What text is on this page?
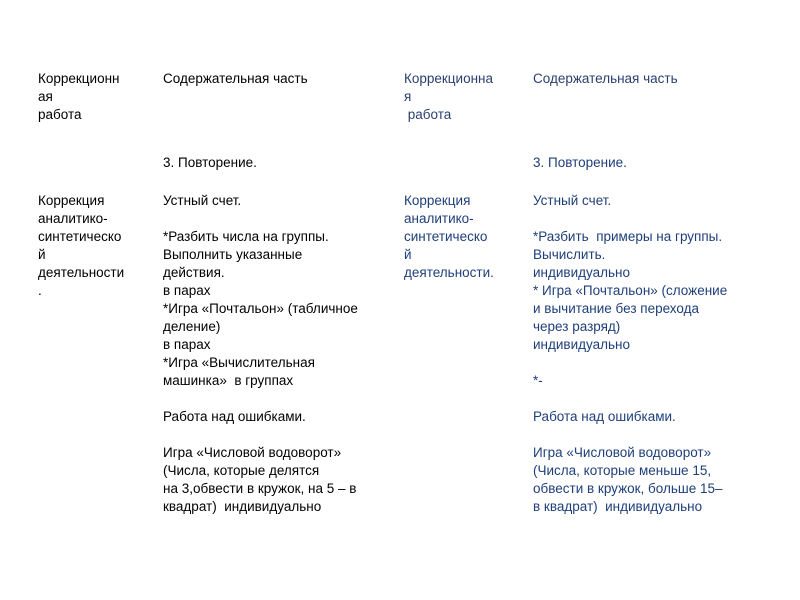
Коррекционн
ая
работа
Содержательная часть	Коррекционна
я
работа
Содержательная часть
3. Повторение.	3. Повторение.
Коррекция
аналитико-
синтетическо
й
деятельности
.
Устный счет.

*Разбить числа на группы.
Выполнить указанные
действия.
в парах
*Игра «Почтальон» (табличное
деление)
в парах
*Игра «Вычислительная
машинка»  в группах

Работа над ошибками.

Игра «Числовой водоворот»
(Числа, которые делятся
на 3,обвести в кружок, на 5 – в
квадрат)  индивидуально
Коррекция
аналитико-
синтетическо
й
деятельности.
Устный счет.

*Разбить  примеры на группы.
Вычислить.
индивидуально
* Игра «Почтальон» (сложение
и вычитание без перехода
через разряд)
индивидуально

*-

Работа над ошибками.

Игра «Числовой водоворот»
(Числа, которые меньше 15,
обвести в кружок, больше 15–
в квадрат)  индивидуально
